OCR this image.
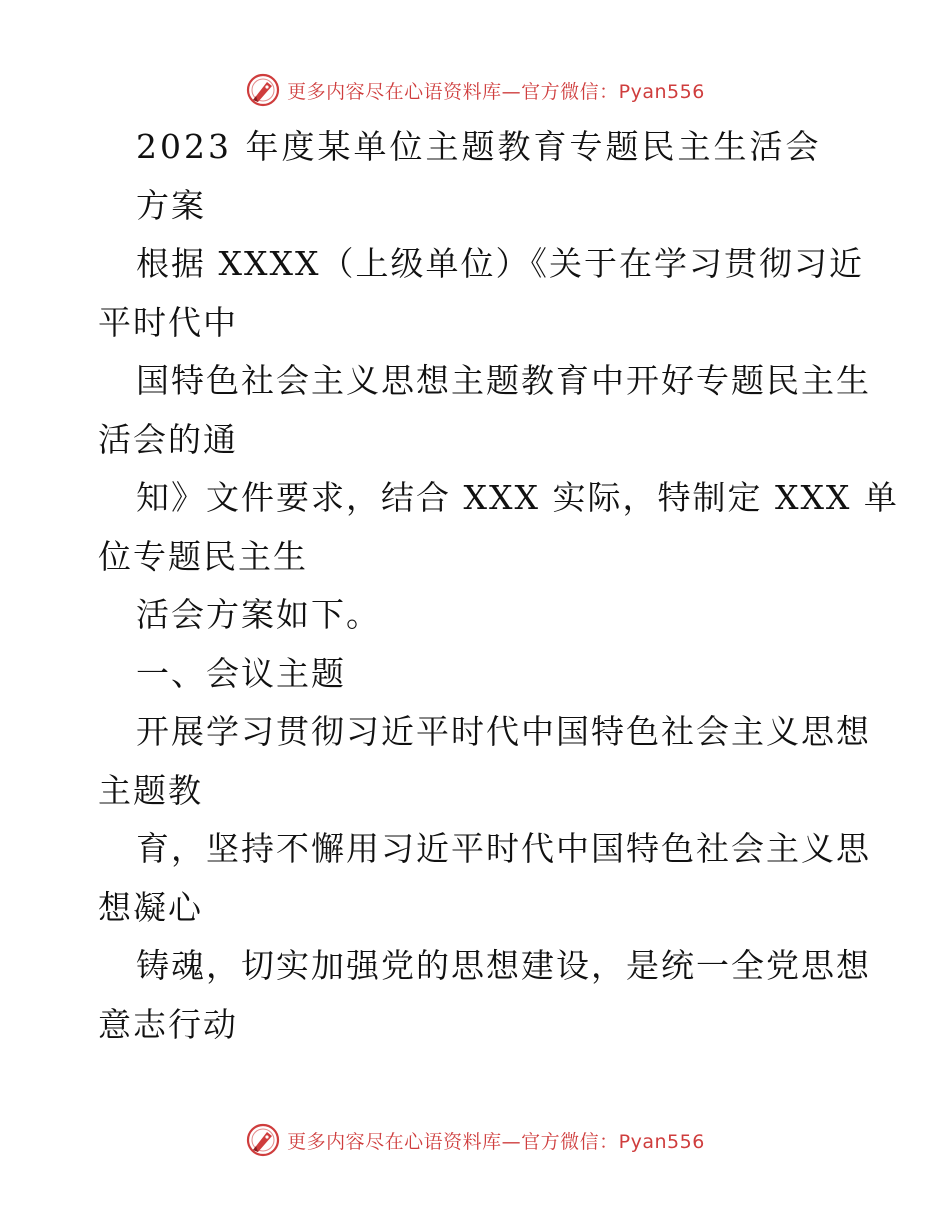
更多内容尽在心语资料库—官方微信：Pyan556
2023 年度某单位主题教育专题民主生活会
方案
根据 XXXX（上级单位）《关于在学习贯彻习近
平时代中
国特色社会主义思想主题教育中开好专题民主生
活会的通
知》文件要求，结合 XXX 实际，特制定 XXX 单
位专题民主生
活会方案如下。
一、会议主题
开展学习贯彻习近平时代中国特色社会主义思想
主题教
育，坚持不懈用习近平时代中国特色社会主义思
想凝心
铸魂，切实加强党的思想建设，是统一全党思想
意志行动
更多内容尽在心语资料库—官方微信：Pyan556
